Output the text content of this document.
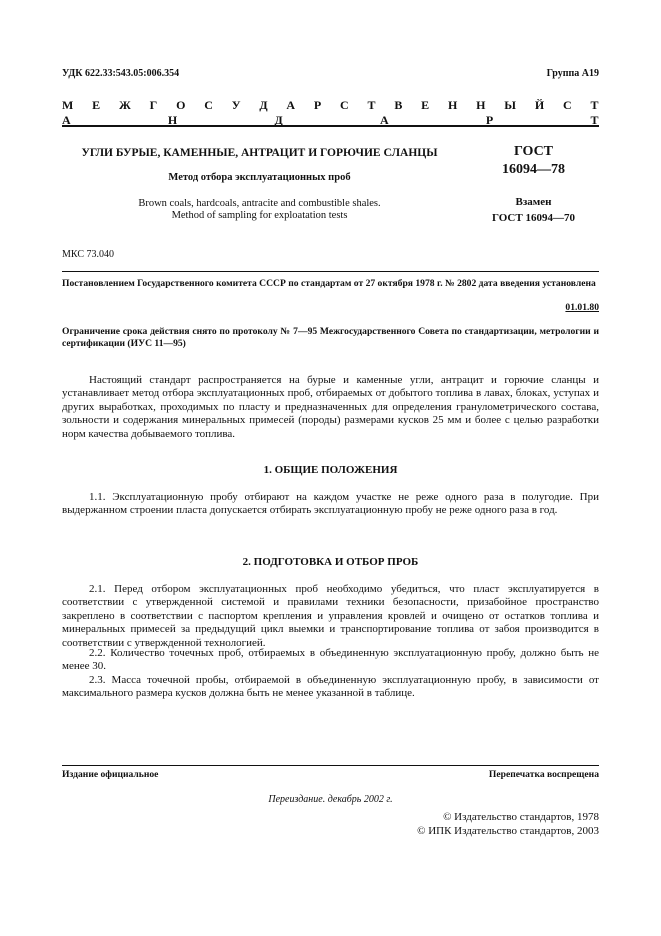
УДК 622.33:543.05:006.354	Группа А19
М Е Ж Г О С У Д А Р С Т В Е Н Н Ы Й С Т А Н Д А Р Т
УГЛИ БУРЫЕ, КАМЕННЫЕ, АНТРАЦИТ И ГОРЮЧИЕ СЛАНЦЫ
Метод отбора эксплуатационных проб
Brown coals, hardcoals, antracite and combustible shales.
Method of sampling for exploatation tests
ГОСТ
16094—78
Взамен
ГОСТ 16094—70
МКС 73.040
Постановлением Государственного комитета СССР по стандартам от 27 октября 1978 г. № 2802 дата введения установлена
01.01.80
Ограничение срока действия снято по протоколу № 7—95 Межгосударственного Совета по стандартизации, метрологии и сертификации (ИУС 11—95)
Настоящий стандарт распространяется на бурые и каменные угли, антрацит и горючие сланцы и устанавливает метод отбора эксплуатационных проб, отбираемых от добытого топлива в лавах, блоках, уступах и других выработках, проходимых по пласту и предназначенных для определения гранулометрического состава, зольности и содержания минеральных примесей (породы) размерами кусков 25 мм и более с целью разработки норм качества добываемого топлива.
1. ОБЩИЕ ПОЛОЖЕНИЯ
1.1. Эксплуатационную пробу отбирают на каждом участке не реже одного раза в полугодие. При выдержанном строении пласта допускается отбирать эксплуатационную пробу не реже одного раза в год.
2. ПОДГОТОВКА И ОТБОР ПРОБ
2.1. Перед отбором эксплуатационных проб необходимо убедиться, что пласт эксплуатируется в соответствии с утвержденной системой и правилами техники безопасности, призабойное пространство закреплено в соответствии с паспортом крепления и управления кровлей и очищено от остатков топлива и минеральных примесей за предыдущий цикл выемки и транспортирование топлива от забоя производится в соответствии с утвержденной технологией.
2.2. Количество точечных проб, отбираемых в объединенную эксплуатационную пробу, должно быть не менее 30.
2.3. Масса точечной пробы, отбираемой в объединенную эксплуатационную пробу, в зависимости от максимального размера кусков должна быть не менее указанной в таблице.
Издание официальное	Перепечатка воспрещена
Переиздание. декабрь 2002 г.
© Издательство стандартов, 1978
© ИПК Издательство стандартов, 2003
